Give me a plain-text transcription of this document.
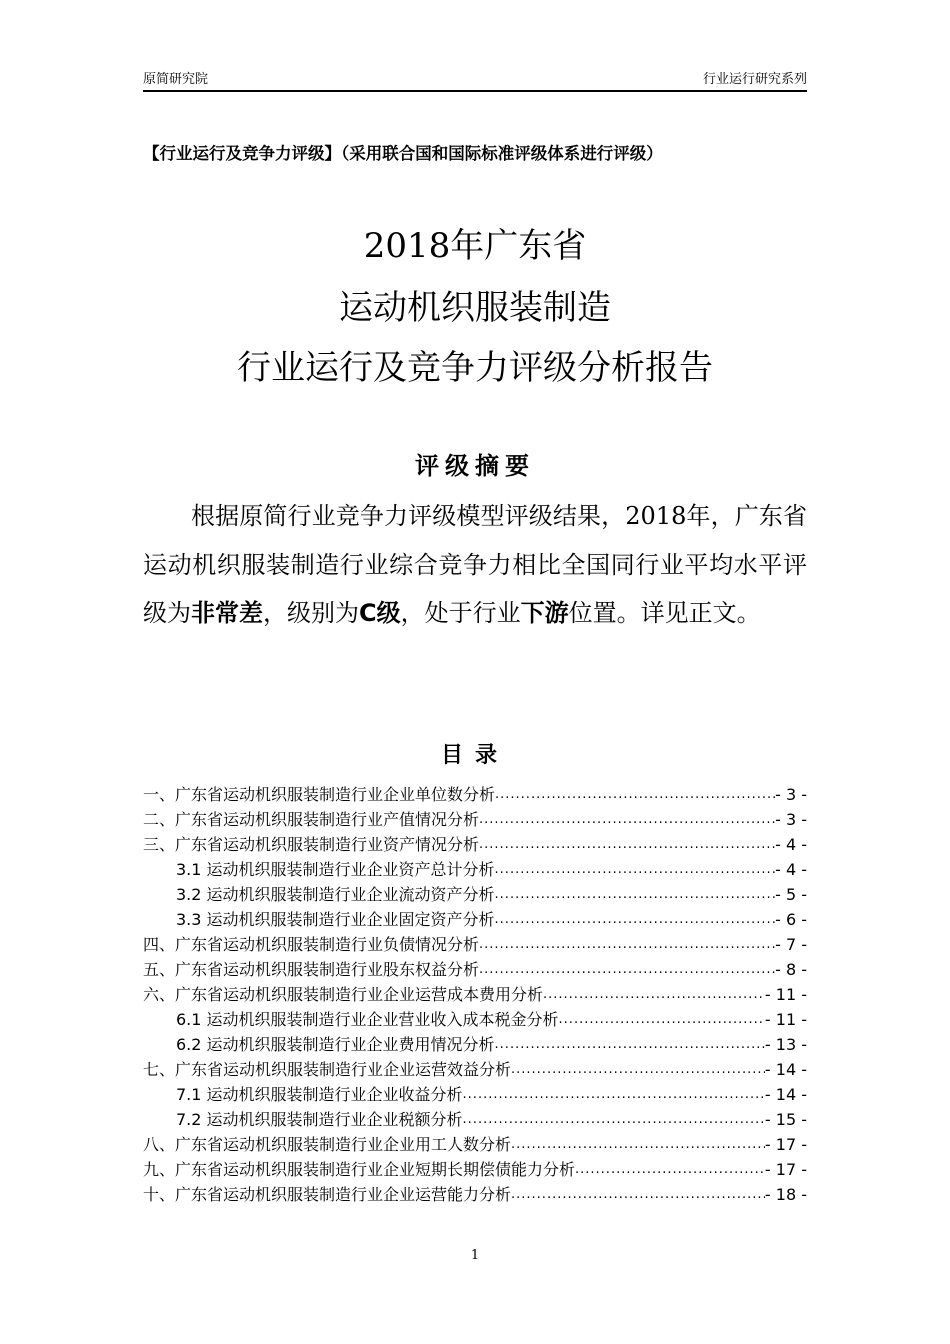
原简研究院	行业运行研究系列
【行业运行及竞争力评级】（采用联合国和国际标准评级体系进行评级）
2018年广东省
运动机织服装制造
行业运行及竞争力评级分析报告
评级摘要
根据原简行业竞争力评级模型评级结果，2018年，广东省运动机织服装制造行业综合竞争力相比全国同行业平均水平评级为非常差，级别为C级，处于行业下游位置。详见正文。
目录
一、广东省运动机织服装制造行业企业单位数分析 .....	- 3 -
二、广东省运动机织服装制造行业产值情况分析 .....	- 3 -
三、广东省运动机织服装制造行业资产情况分析 .....	- 4 -
3.1 运动机织服装制造行业企业资产总计分析 .....	- 4 -
3.2 运动机织服装制造行业企业流动资产分析 .....	- 5 -
3.3 运动机织服装制造行业企业固定资产分析 .....	- 6 -
四、广东省运动机织服装制造行业负债情况分析 .....	- 7 -
五、广东省运动机织服装制造行业股东权益分析 .....	- 8 -
六、广东省运动机织服装制造行业企业运营成本费用分析 .....	- 11 -
6.1 运动机织服装制造行业企业营业收入成本税金分析 .....	- 11 -
6.2 运动机织服装制造行业企业费用情况分析 .....	- 13 -
七、广东省运动机织服装制造行业企业运营效益分析 .....	- 14 -
7.1 运动机织服装制造行业企业收益分析 .....	- 14 -
7.2 运动机织服装制造行业企业税额分析 .....	- 15 -
八、广东省运动机织服装制造行业企业用工人数分析 .....	- 17 -
九、广东省运动机织服装制造行业企业短期长期偿债能力分析 .....	- 17 -
十、广东省运动机织服装制造行业企业运营能力分析 .....	- 18 -
1
